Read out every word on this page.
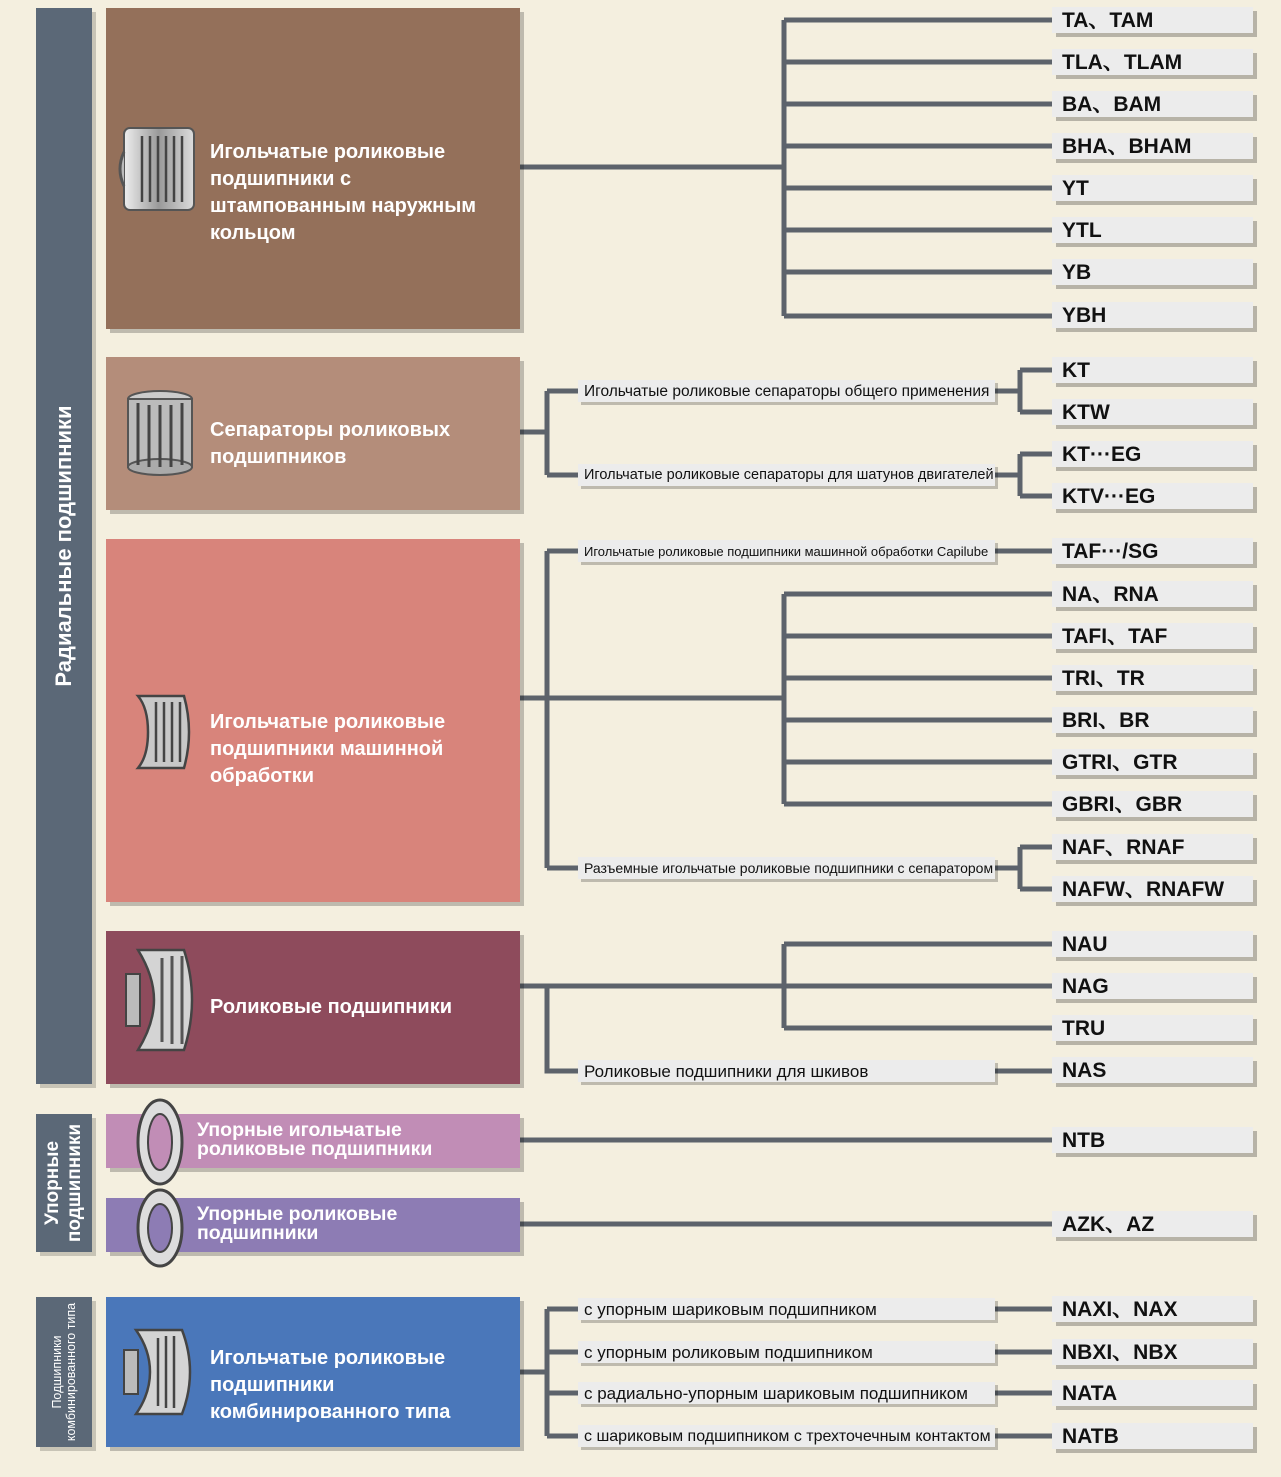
Радиальные подшипники
Упорные подшипники
Подшипники комбинированного типа
Игольчатые роликовые подшипники с штампованным наружным кольцом
Сепараторы роликовых подшипников
Игольчатые роликовые подшипники машинной обработки
Роликовые подшипники
Упорные игольчатые роликовые подшипники
Упорные роликовые подшипники
Игольчатые роликовые подшипники комбинированного типа
Игольчатые роликовые сепараторы общего применения
Игольчатые роликовые сепараторы для шатунов двигателей
Игольчатые роликовые подшипники машинной обработки Capilube
Разъемные игольчатые роликовые подшипники с сепаратором
Роликовые подшипники для шкивов
с упорным шариковым подшипником
с упорным роликовым подшипником
с радиально-упорным шариковым подшипником
с шариковым подшипником с трехточечным контактом
TA、TAM
TLA、TLAM
BA、BAM
BHA、BHAM
YT
YTL
YB
YBH
KT
KTW
KT···EG
KTV···EG
TAF···/SG
NA、RNA
TAFI、TAF
TRI、TR
BRI、BR
GTRI、GTR
GBRI、GBR
NAF、RNAF
NAFW、RNAFW
NAU
NAG
TRU
NAS
NTB
AZK、AZ
NAXI、NAX
NBXI、NBX
NATA
NATB
